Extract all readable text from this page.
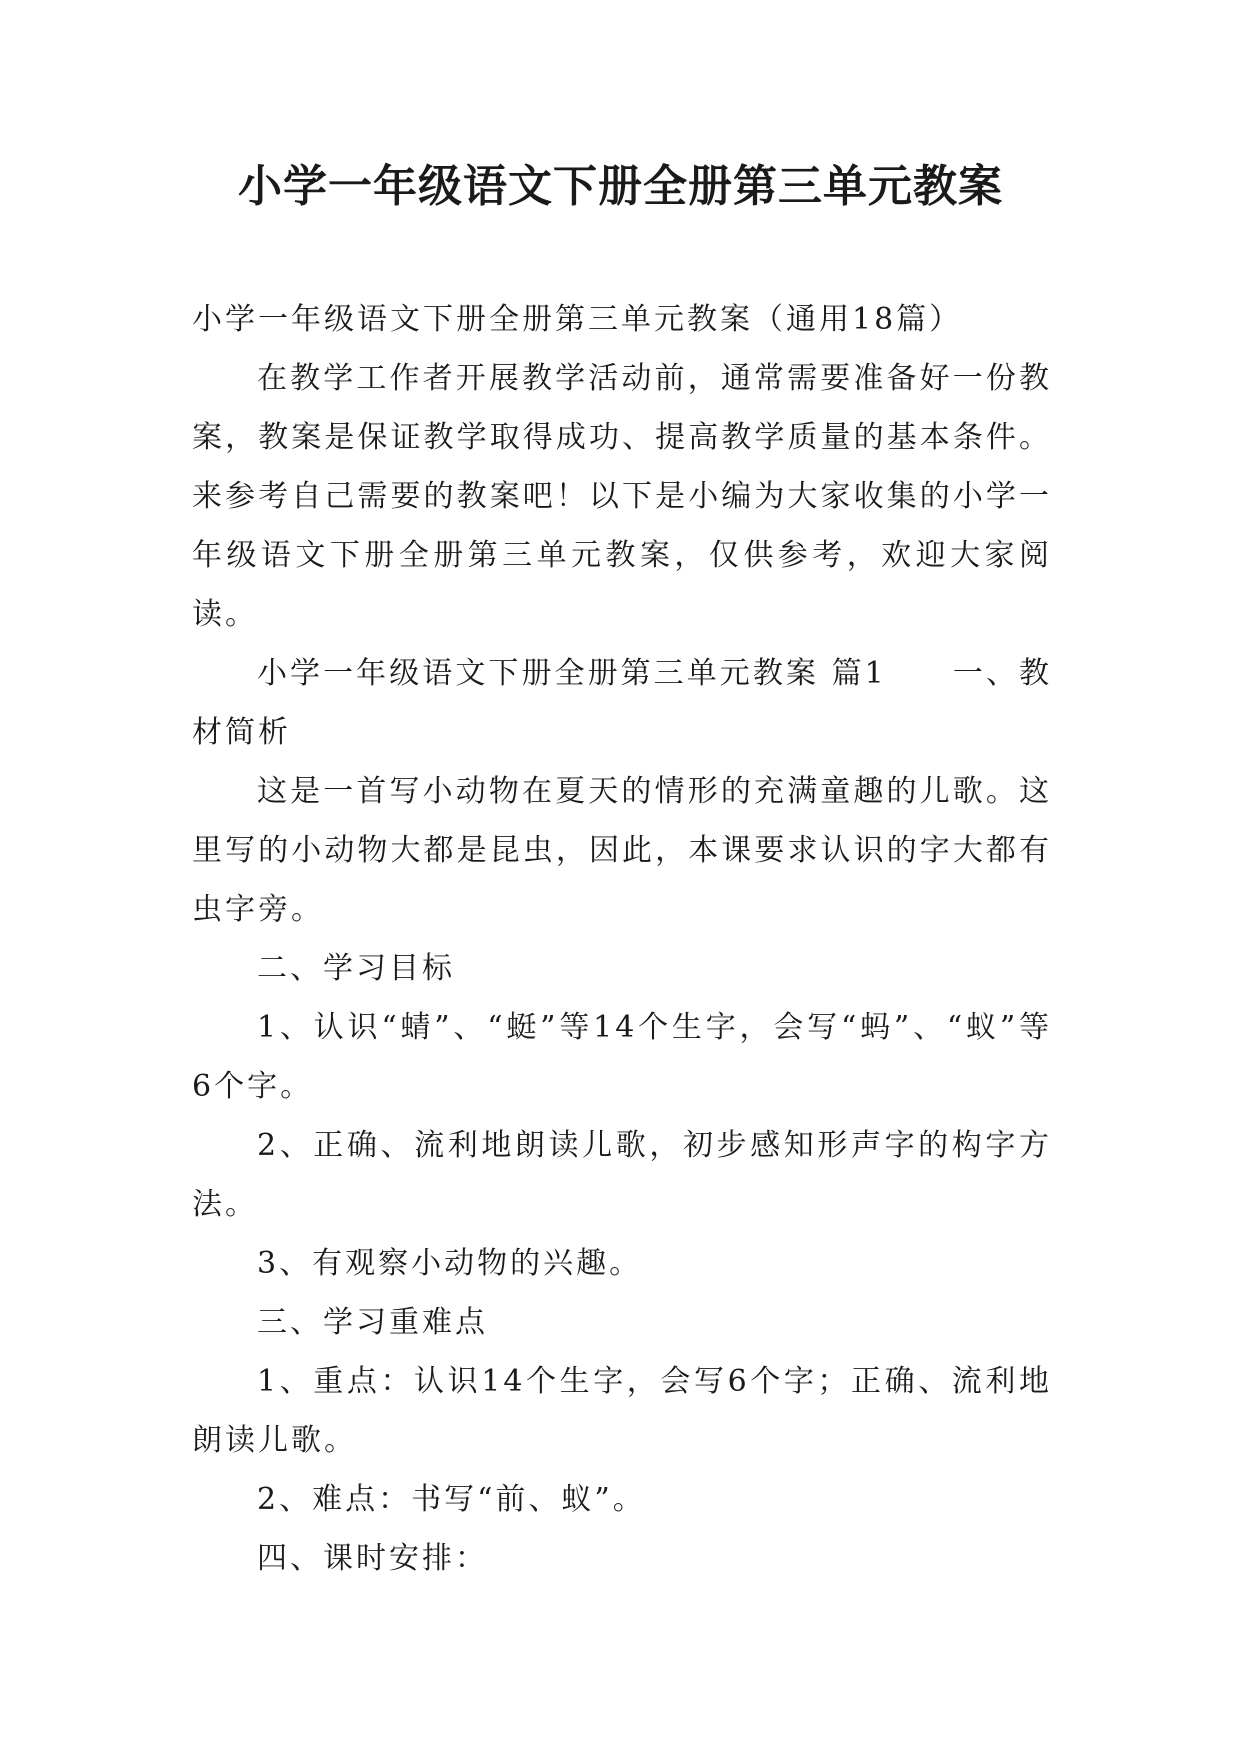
小学一年级语文下册全册第三单元教案

小学一年级语文下册全册第三单元教案（通用18篇）

在教学工作者开展教学活动前，通常需要准备好一份教案，教案是保证教学取得成功、提高教学质量的基本条件。来参考自己需要的教案吧！以下是小编为大家收集的小学一年级语文下册全册第三单元教案，仅供参考，欢迎大家阅读。

小学一年级语文下册全册第三单元教案 篇1　　一、教材简析

这是一首写小动物在夏天的情形的充满童趣的儿歌。这里写的小动物大都是昆虫，因此，本课要求认识的字大都有虫字旁。

二、学习目标

1、认识“蜻”、“蜓”等14个生字，会写“蚂”、“蚁”等6个字。

2、正确、流利地朗读儿歌，初步感知形声字的构字方法。

3、有观察小动物的兴趣。

三、学习重难点

1、重点：认识14个生字，会写6个字；正确、流利地朗读儿歌。

2、难点：书写“前、蚁”。

四、课时安排：
